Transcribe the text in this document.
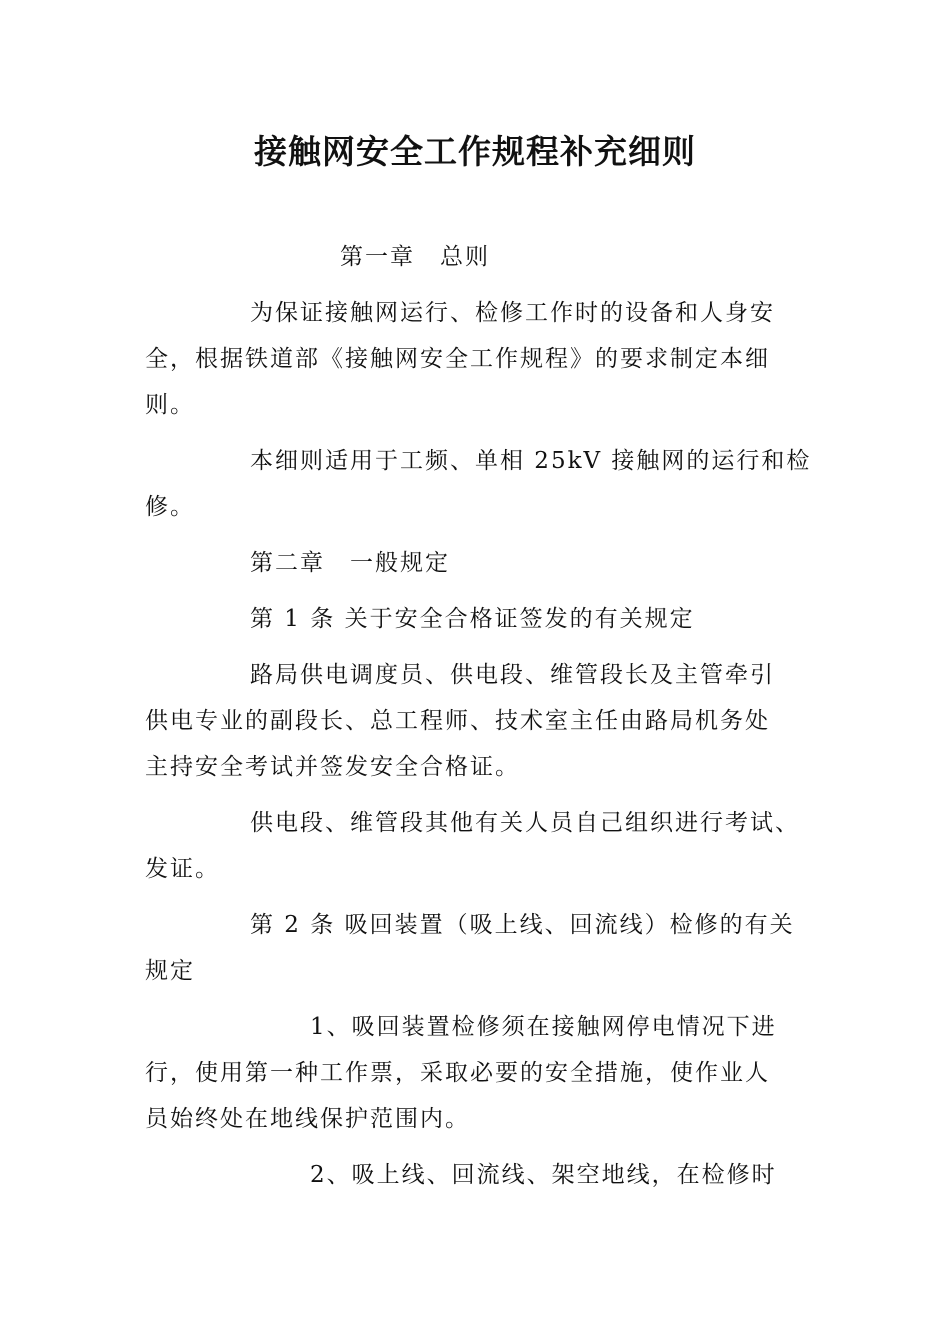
接触网安全工作规程补充细则

第一章　总则

为保证接触网运行、检修工作时的设备和人身安

全，根据铁道部《接触网安全工作规程》的要求制定本细

则。

本细则适用于工频、单相 25kV 接触网的运行和检

修。

第二章　一般规定

第 1 条 关于安全合格证签发的有关规定

路局供电调度员、供电段、维管段长及主管牵引

供电专业的副段长、总工程师、技术室主任由路局机务处

主持安全考试并签发安全合格证。

供电段、维管段其他有关人员自己组织进行考试、

发证。

第 2 条 吸回装置（吸上线、回流线）检修的有关

规定

1、吸回装置检修须在接触网停电情况下进

行，使用第一种工作票，采取必要的安全措施，使作业人

员始终处在地线保护范围内。

2、吸上线、回流线、架空地线，在检修时
